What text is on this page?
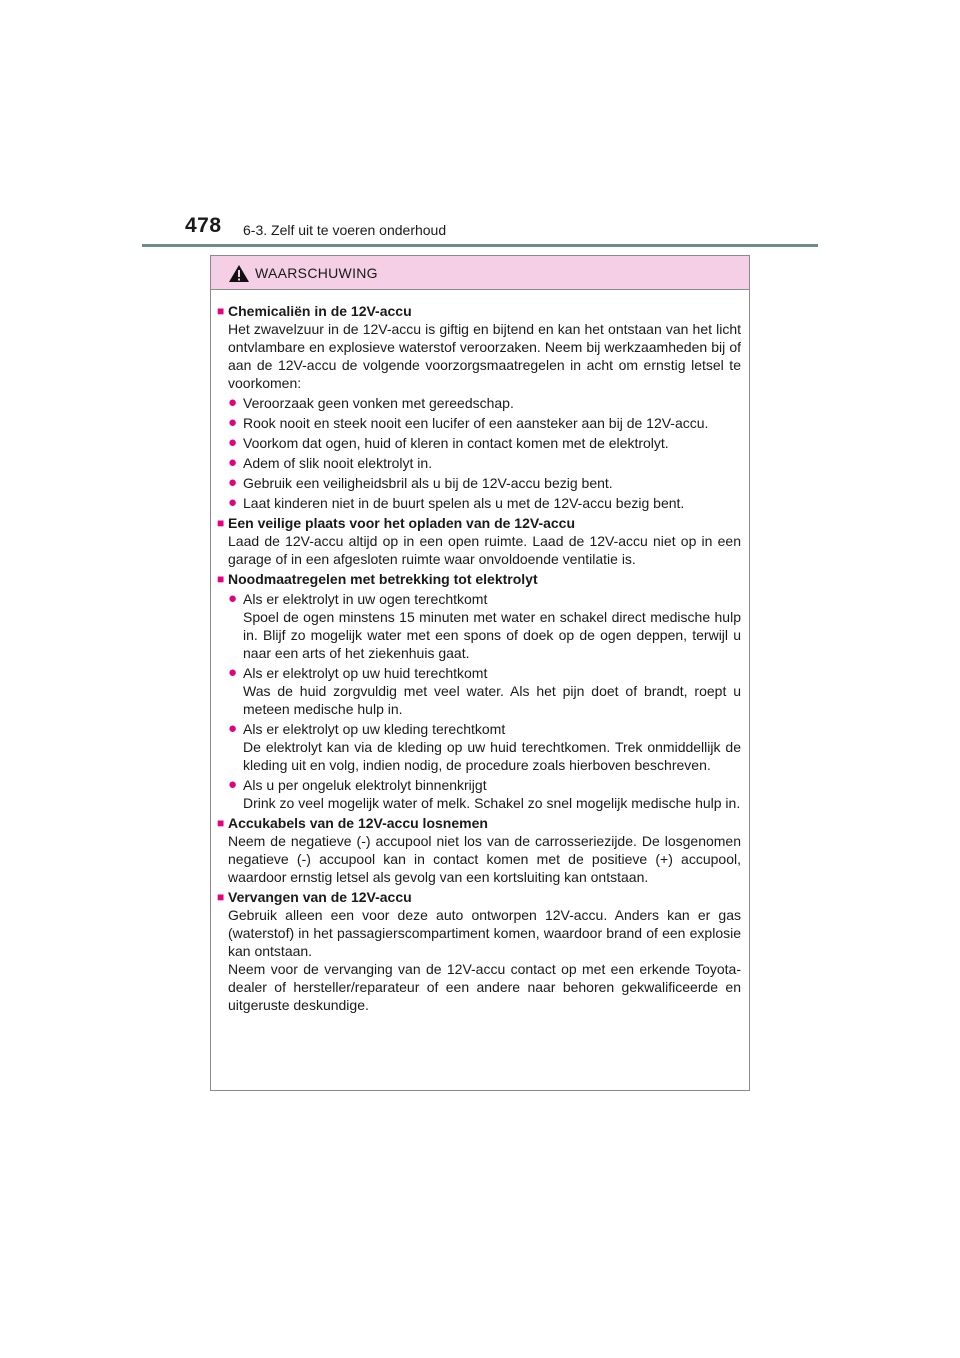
478 6-3. Zelf uit te voeren onderhoud
WAARSCHUWING
■ Chemicaliën in de 12V-accu

Het zwavelzuur in de 12V-accu is giftig en bijtend en kan het ontstaan van het licht ontvlambare en explosieve waterstof veroorzaken. Neem bij werkzaamheden bij of aan de 12V-accu de volgende voorzorgsmaatregelen in acht om ernstig letsel te voorkomen:

● Veroorzaak geen vonken met gereedschap.
● Rook nooit en steek nooit een lucifer of een aansteker aan bij de 12V-accu.
● Voorkom dat ogen, huid of kleren in contact komen met de elektrolyt.
● Adem of slik nooit elektrolyt in.
● Gebruik een veiligheidsbril als u bij de 12V-accu bezig bent.
● Laat kinderen niet in de buurt spelen als u met de 12V-accu bezig bent.
■ Een veilige plaats voor het opladen van de 12V-accu

Laad de 12V-accu altijd op in een open ruimte. Laad de 12V-accu niet op in een garage of in een afgesloten ruimte waar onvoldoende ventilatie is.

■ Noodmaatregelen met betrekking tot elektrolyt
● Als er elektrolyt in uw ogen terechtkomt

Spoel de ogen minstens 15 minuten met water en schakel direct medische hulp in. Blijf zo mogelijk water met een spons of doek op de ogen deppen, terwijl u naar een arts of het ziekenhuis gaat.

● Als er elektrolyt op uw huid terechtkomt

Was de huid zorgvuldig met veel water. Als het pijn doet of brandt, roept u meteen medische hulp in.

● Als er elektrolyt op uw kleding terechtkomt

De elektrolyt kan via de kleding op uw huid terechtkomen. Trek onmiddellijk de kleding uit en volg, indien nodig, de procedure zoals hierboven beschreven.

● Als u per ongeluk elektrolyt binnenkrijgt

Drink zo veel mogelijk water of melk. Schakel zo snel mogelijk medische hulp in.

■ Accukabels van de 12V-accu losnemen

Neem de negatieve (-) accupool niet los van de carrosseriezijde. De losgenomen negatieve (-) accupool kan in contact komen met de positieve (+) accupool, waardoor ernstig letsel als gevolg van een kortsluiting kan ontstaan.

■ Vervangen van de 12V-accu

Gebruik alleen een voor deze auto ontworpen 12V-accu. Anders kan er gas (waterstof) in het passagierscompartiment komen, waardoor brand of een explosie kan ontstaan.

Neem voor de vervanging van de 12V-accu contact op met een erkende Toyota-dealer of hersteller/reparateur of een andere naar behoren gekwalificeerde en uitgeruste deskundige.
